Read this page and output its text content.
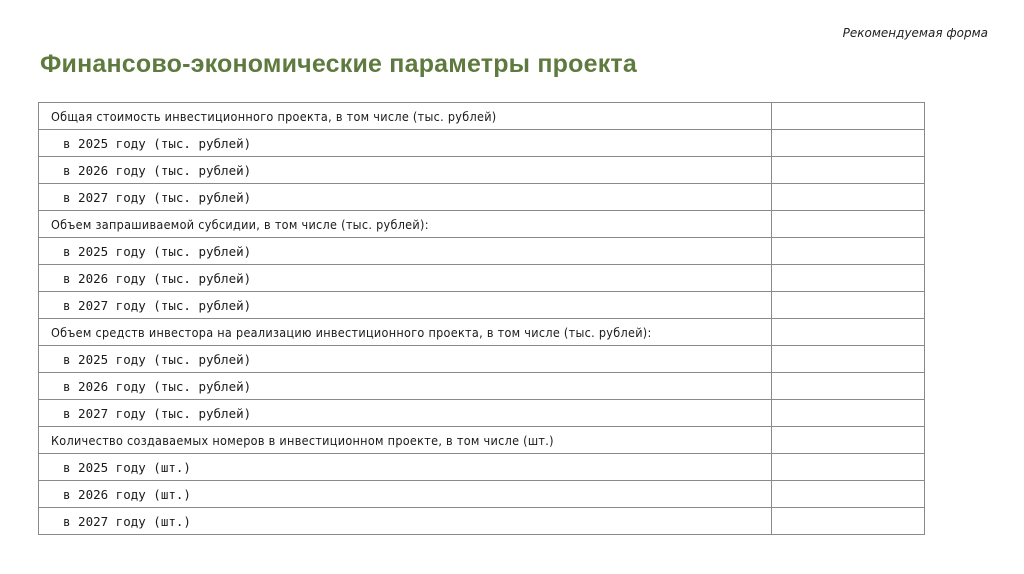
Рекомендуемая форма
Финансово-экономические параметры проекта
Общая стоимость инвестиционного проекта, в том числе (тыс. рублей)	
в 2025 году (тыс. рублей)	
в 2026 году (тыс. рублей)	
в 2027 году (тыс. рублей)	
Объем запрашиваемой субсидии, в том числе (тыс. рублей):	
в 2025 году (тыс. рублей)	
в 2026 году (тыс. рублей)	
в 2027 году (тыс. рублей)	
Объем средств инвестора на реализацию инвестиционного проекта, в том числе (тыс. рублей):	
в 2025 году (тыс. рублей)	
в 2026 году (тыс. рублей)	
в 2027 году (тыс. рублей)	
Количество создаваемых номеров в инвестиционном проекте, в том числе (шт.)	
в 2025 году (шт.)	
в 2026 году (шт.)	
в 2027 году (шт.)	
